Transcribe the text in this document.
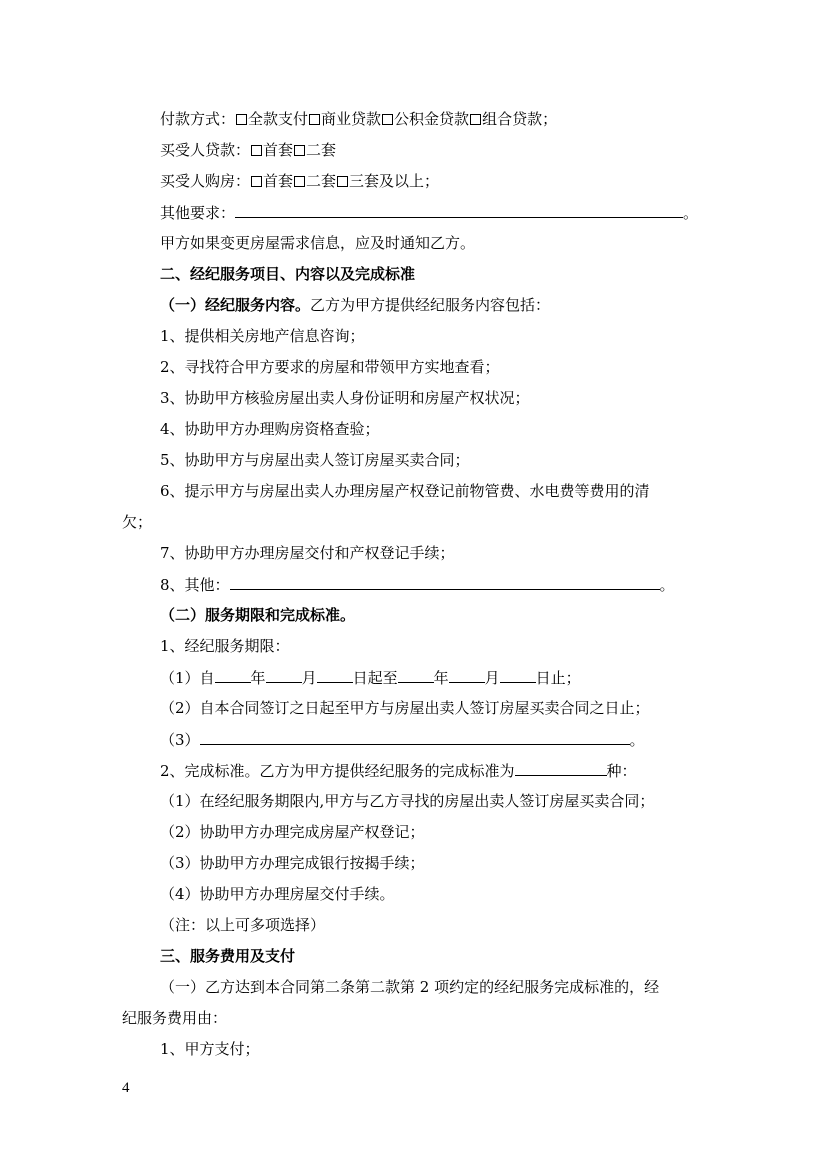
付款方式： 全款支付 商业贷款 公积金贷款 组合贷款；
买受人贷款： 首套 二套
买受人购房： 首套 二套 三套及以上；
其他要求：	。
甲方如果变更房屋需求信息，应及时通知乙方。
二、经纪服务项目、内容以及完成标准
（一）经纪服务内容。乙方为甲方提供经纪服务内容包括：
1、提供相关房地产信息咨询；
2、寻找符合甲方要求的房屋和带领甲方实地查看；
3、协助甲方核验房屋出卖人身份证明和房屋产权状况；
4、协助甲方办理购房资格查验；
5、协助甲方与房屋出卖人签订房屋买卖合同；
6、提示甲方与房屋出卖人办理房屋产权登记前物管费、水电费等费用的清
欠；
7、协助甲方办理房屋交付和产权登记手续；
8、其他：	。
（二）服务期限和完成标准。
1、经纪服务期限：
（1）自 年 月 日起至 年 月 日止；
（2）自本合同签订之日起至甲方与房屋出卖人签订房屋买卖合同之日止；
（3）	。
2、完成标准。乙方为甲方提供经纪服务的完成标准为	种：
（1）在经纪服务期限内,甲方与乙方寻找的房屋出卖人签订房屋买卖合同；
（2）协助甲方办理完成房屋产权登记；
（3）协助甲方办理完成银行按揭手续；
（4）协助甲方办理房屋交付手续。
（注：以上可多项选择）
三、服务费用及支付
（一）乙方达到本合同第二条第二款第 2 项约定的经纪服务完成标准的，经
纪服务费用由：
1、甲方支付；
4
